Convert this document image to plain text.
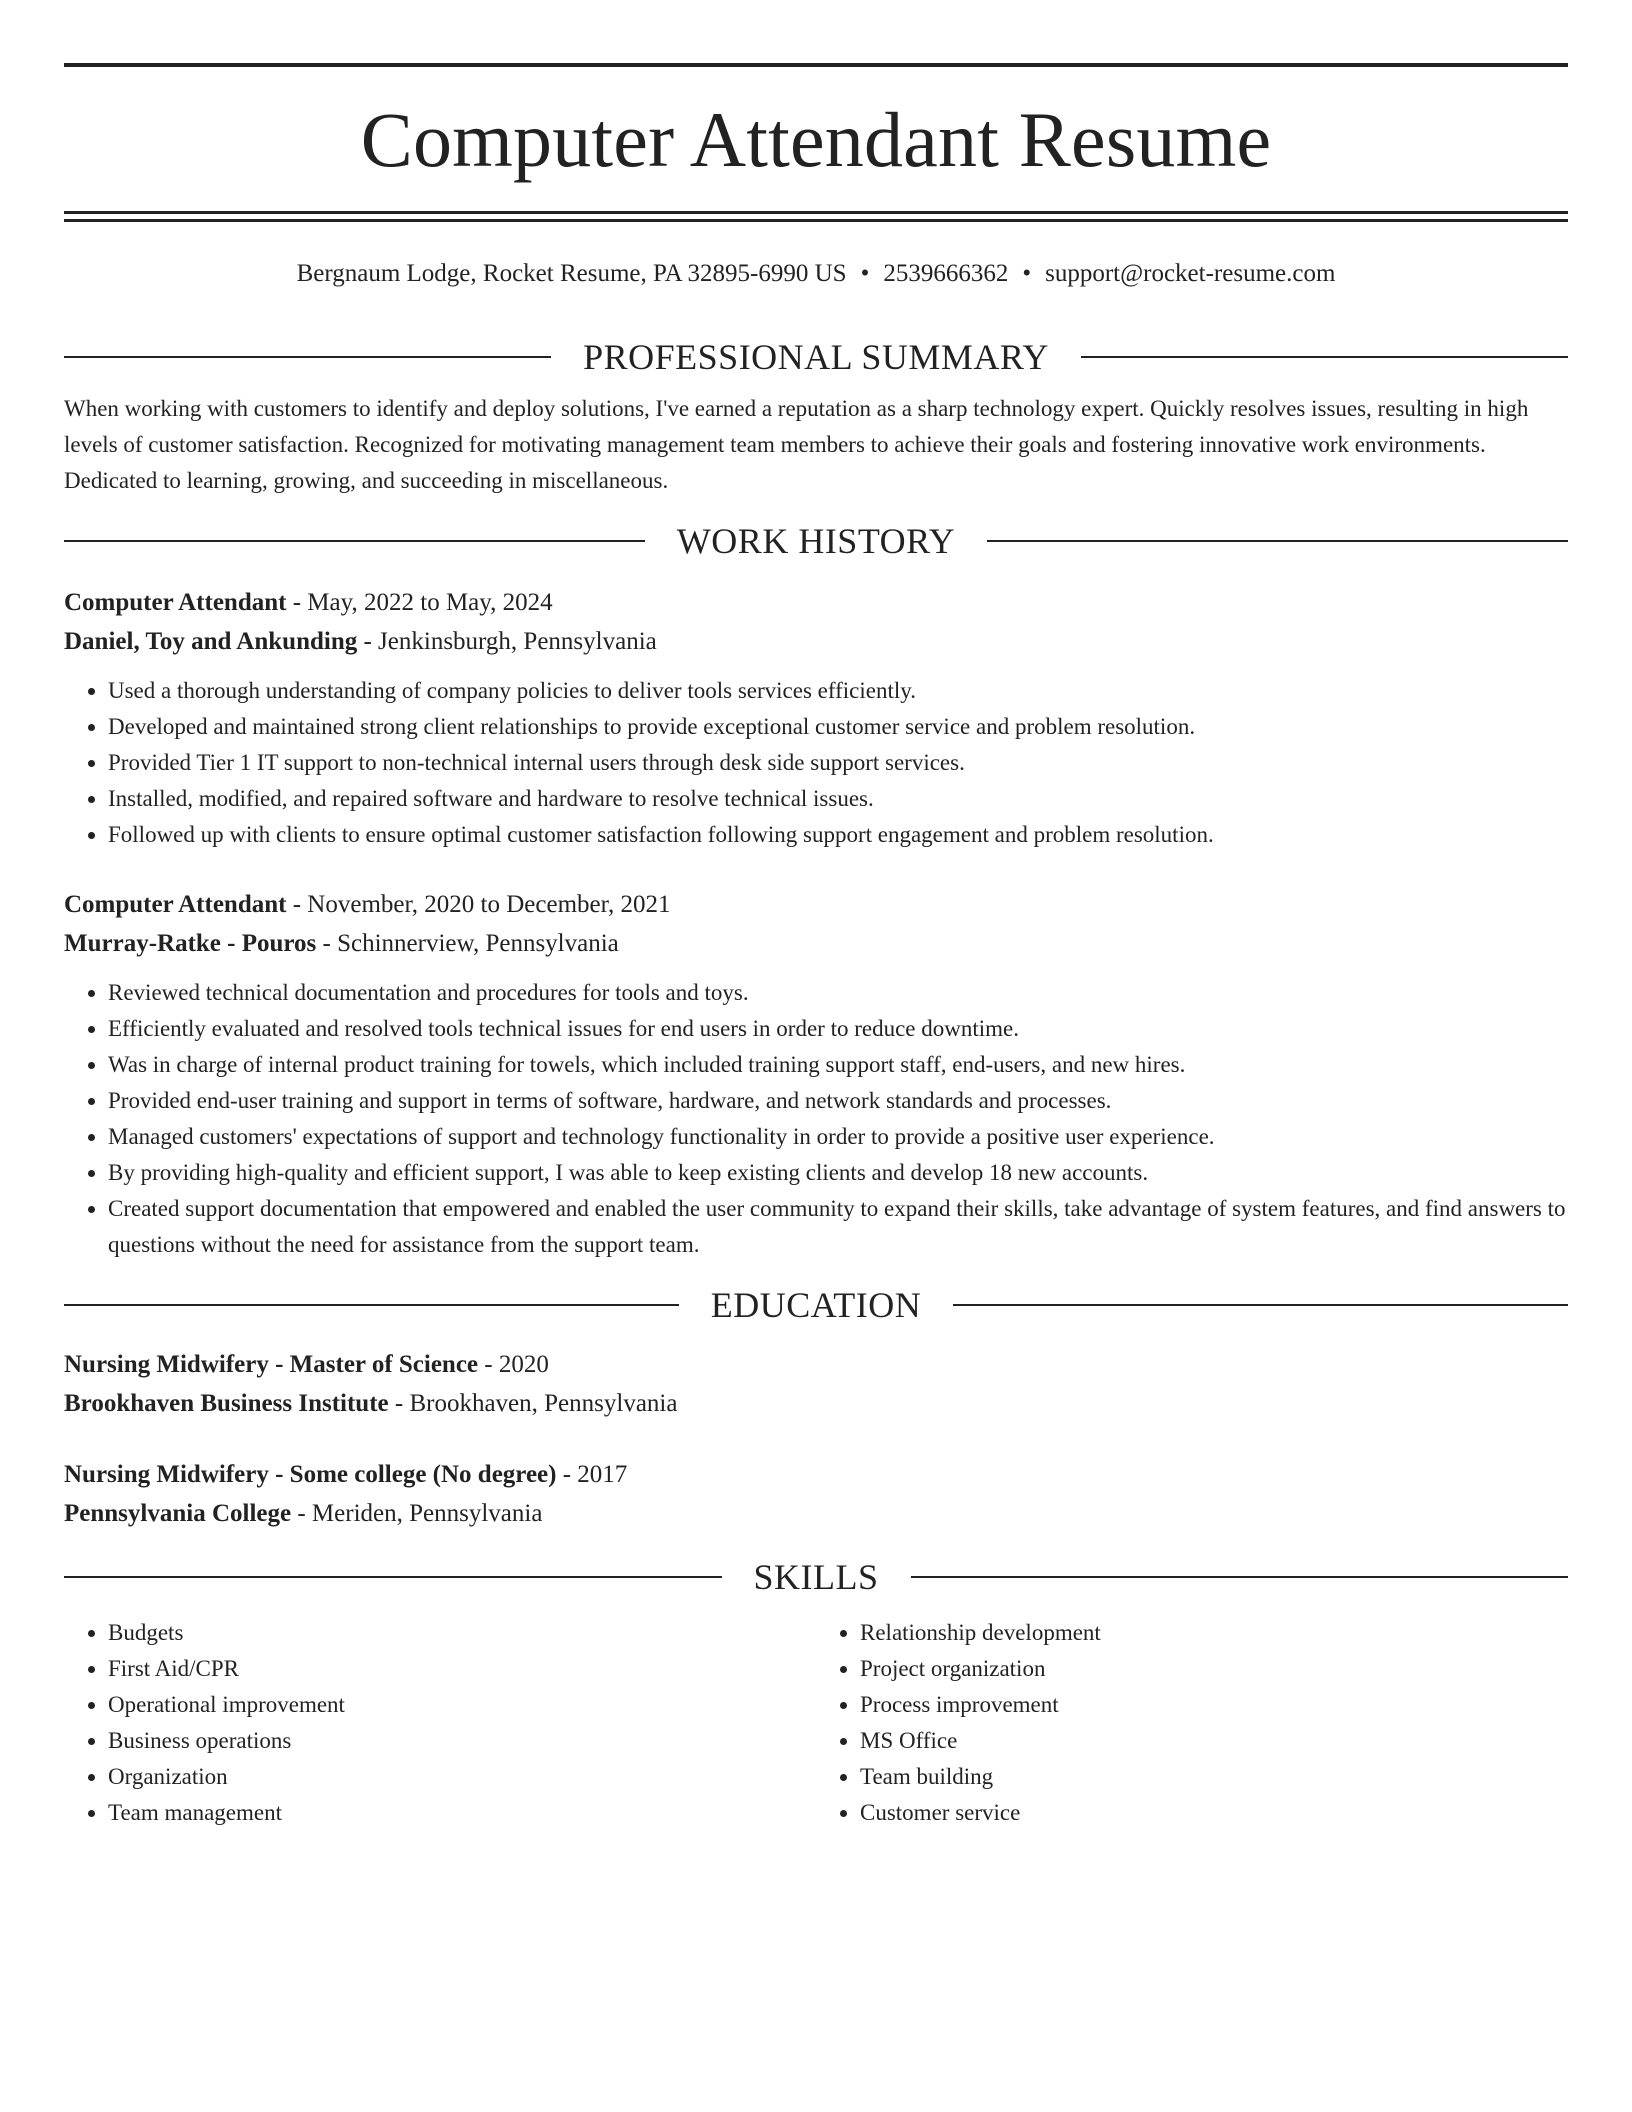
Computer Attendant Resume
Bergnaum Lodge, Rocket Resume, PA 32895-6990 US • 2539666362 • support@rocket-resume.com
PROFESSIONAL SUMMARY

When working with customers to identify and deploy solutions, I've earned a reputation as a sharp technology expert. Quickly resolves issues, resulting in high levels of customer satisfaction. Recognized for motivating management team members to achieve their goals and fostering innovative work environments. Dedicated to learning, growing, and succeeding in miscellaneous.

WORK HISTORY
Computer Attendant - May, 2022 to May, 2024
Daniel, Toy and Ankunding - Jenkinsburgh, Pennsylvania
• Used a thorough understanding of company policies to deliver tools services efficiently.
• Developed and maintained strong client relationships to provide exceptional customer service and problem resolution.
• Provided Tier 1 IT support to non-technical internal users through desk side support services.
• Installed, modified, and repaired software and hardware to resolve technical issues.
• Followed up with clients to ensure optimal customer satisfaction following support engagement and problem resolution.
Computer Attendant - November, 2020 to December, 2021
Murray-Ratke - Pouros - Schinnerview, Pennsylvania
• Reviewed technical documentation and procedures for tools and toys.
• Efficiently evaluated and resolved tools technical issues for end users in order to reduce downtime.
• Was in charge of internal product training for towels, which included training support staff, end-users, and new hires.
• Provided end-user training and support in terms of software, hardware, and network standards and processes.
• Managed customers' expectations of support and technology functionality in order to provide a positive user experience.
• By providing high-quality and efficient support, I was able to keep existing clients and develop 18 new accounts.
• Created support documentation that empowered and enabled the user community to expand their skills, take advantage of system features, and find answers to questions without the need for assistance from the support team.
EDUCATION
Nursing Midwifery - Master of Science - 2020
Brookhaven Business Institute - Brookhaven, Pennsylvania
Nursing Midwifery - Some college (No degree) - 2017
Pennsylvania College - Meriden, Pennsylvania
SKILLS
• Budgets
• First Aid/CPR
• Operational improvement
• Business operations
• Organization
• Team management
• Relationship development
• Project organization
• Process improvement
• MS Office
• Team building
• Customer service
